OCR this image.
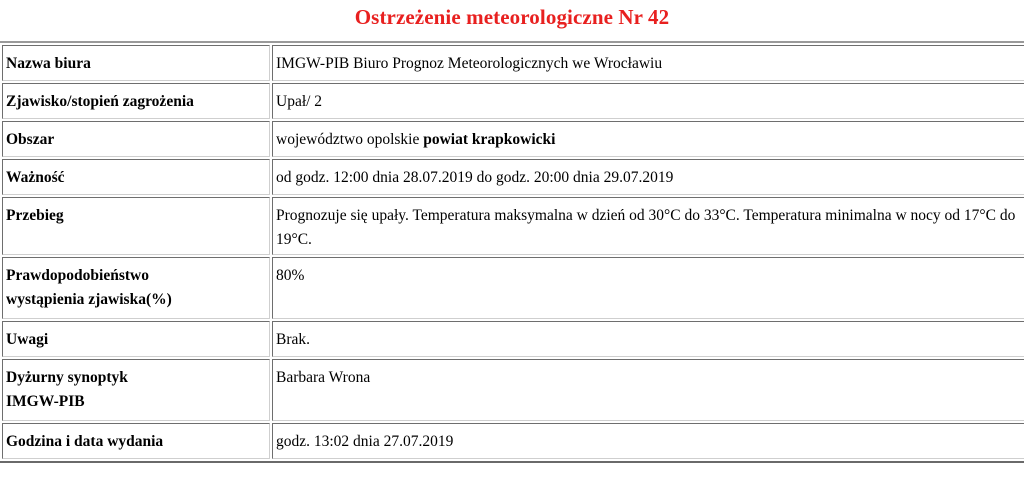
Ostrzeżenie meteorologiczne Nr 42
Nazwa biura	IMGW-PIB Biuro Prognoz Meteorologicznych we Wrocławiu
Zjawisko/stopień zagrożenia	Upał/ 2
Obszar	województwo opolskie powiat krapkowicki
Ważność	od godz. 12:00 dnia 28.07.2019 do godz. 20:00 dnia 29.07.2019
Przebieg	Prognozuje się upały. Temperatura maksymalna w dzień od 30°C do 33°C. Temperatura minimalna w nocy od 17°C do 19°C.
Prawdopodobieństwo wystąpienia zjawiska(%)	80%
Uwagi	Brak.
Dyżurny synoptyk IMGW-PIB	Barbara Wrona
Godzina i data wydania	godz. 13:02 dnia 27.07.2019
